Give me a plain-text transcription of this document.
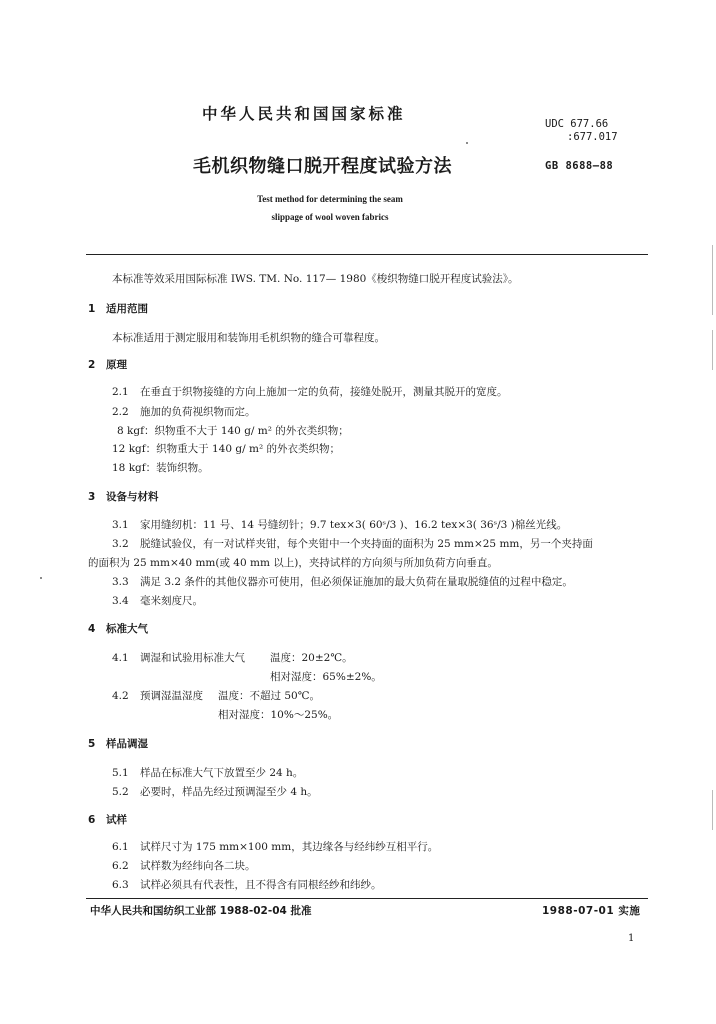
中华人民共和国国家标准
UDC 677.66
:677.017
毛机织物缝口脱开程度试验方法	GB 8688—88
Test method for determining the seam
slippage of wool woven fabrics
本标准等效采用国际标准 IWS. TM. No. 117— 1980《梭织物缝口脱开程度试验法》。
1 适用范围
本标准适用于测定服用和装饰用毛机织物的缝合可靠程度。
2 原理
2.1 在垂直于织物接缝的方向上施加一定的负荷，接缝处脱开，测量其脱开的宽度。
2.2 施加的负荷视织物而定。
8 kgf：织物重不大于 140 g/ m² 的外衣类织物；
12 kgf：织物重大于 140 g/ m² 的外衣类织物；
18 kgf：装饰织物。
3 设备与材料
3.1 家用缝纫机：11 号、14 号缝纫针；9.7 tex×3( 60ˢ/3 )、16.2 tex×3( 36ˢ/3 )棉丝光线。
3.2 脱缝试验仪，有一对试样夹钳，每个夹钳中一个夹持面的面积为 25 mm×25 mm，另一个夹持面
的面积为 25 mm×40 mm(或 40 mm 以上)，夹持试样的方向须与所加负荷方向垂直。
3.3 满足 3.2 条件的其他仪器亦可使用，但必须保证施加的最大负荷在量取脱缝值的过程中稳定。
3.4 毫米刻度尺。
4 标准大气
4.1 调湿和试验用标准大气 温度：20±2℃。
相对湿度：65%±2%。
4.2 预调湿温湿度 温度：不超过 50℃。
相对湿度：10%～25%。
5 样品调湿
5.1 样品在标准大气下放置至少 24 h。
5.2 必要时，样品先经过预调湿至少 4 h。
6 试样
6.1 试样尺寸为 175 mm×100 mm，其边缘各与经纬纱互相平行。
6.2 试样数为经纬向各二块。
6.3 试样必须具有代表性，且不得含有同根经纱和纬纱。
中华人民共和国纺织工业部 1988-02-04 批准	1988-07-01 实施
1
